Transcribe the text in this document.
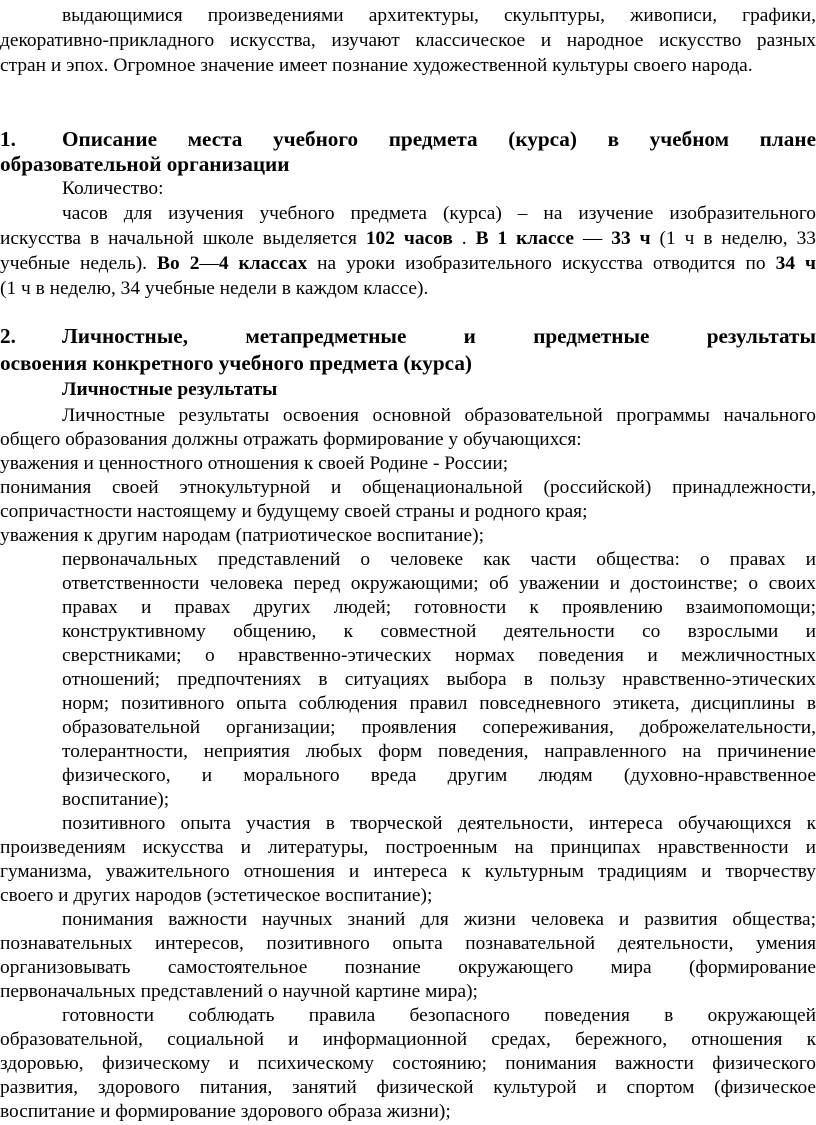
выдающимися произведениями архитектуры, скульптуры, живописи, графики,
декоративно-прикладного искусства, изучают классическое и народное искусство разных
стран и эпох. Огромное значение имеет познание художественной культуры своего народа.
1. Описание места учебного предмета (курса) в учебном плане
образовательной организации
Количество:
часов для изучения учебного предмета (курса) – на изучение изобразительного
искусства в начальной школе выделяется 102 часов . В 1 классе — 33 ч (1 ч в неделю, 33
учебные недель). Во 2—4 классах на уроки изобразительного искусства отводится по 34 ч
(1 ч в неделю, 34 учебные недели в каждом классе).
2. Личностные, метапредметные и предметные результаты
освоения конкретного учебного предмета (курса)
Личностные результаты
Личностные результаты освоения основной образовательной программы начального
общего образования должны отражать формирование у обучающихся:
уважения и ценностного отношения к своей Родине - России;
понимания своей этнокультурной и общенациональной (российской) принадлежности,
сопричастности настоящему и будущему своей страны и родного края;
уважения к другим народам (патриотическое воспитание);
первоначальных представлений о человеке как части общества: о правах и
ответственности человека перед окружающими; об уважении и достоинстве; о своих
правах и правах других людей; готовности к проявлению взаимопомощи;
конструктивному общению, к совместной деятельности со взрослыми и
сверстниками; о нравственно-этических нормах поведения и межличностных
отношений; предпочтениях в ситуациях выбора в пользу нравственно-этических
норм; позитивного опыта соблюдения правил повседневного этикета, дисциплины в
образовательной организации; проявления сопереживания, доброжелательности,
толерантности, неприятия любых форм поведения, направленного на причинение
физического, и морального вреда другим людям (духовно-нравственное
воспитание);
позитивного опыта участия в творческой деятельности, интереса обучающихся к
произведениям искусства и литературы, построенным на принципах нравственности и
гуманизма, уважительного отношения и интереса к культурным традициям и творчеству
своего и других народов (эстетическое воспитание);
понимания важности научных знаний для жизни человека и развития общества;
познавательных интересов, позитивного опыта познавательной деятельности, умения
организовывать самостоятельное познание окружающего мира (формирование
первоначальных представлений о научной картине мира);
готовности соблюдать правила безопасного поведения в окружающей
образовательной, социальной и информационной средах, бережного, отношения к
здоровью, физическому и психическому состоянию; понимания важности физического
развития, здорового питания, занятий физической культурой и спортом (физическое
воспитание и формирование здорового образа жизни);
